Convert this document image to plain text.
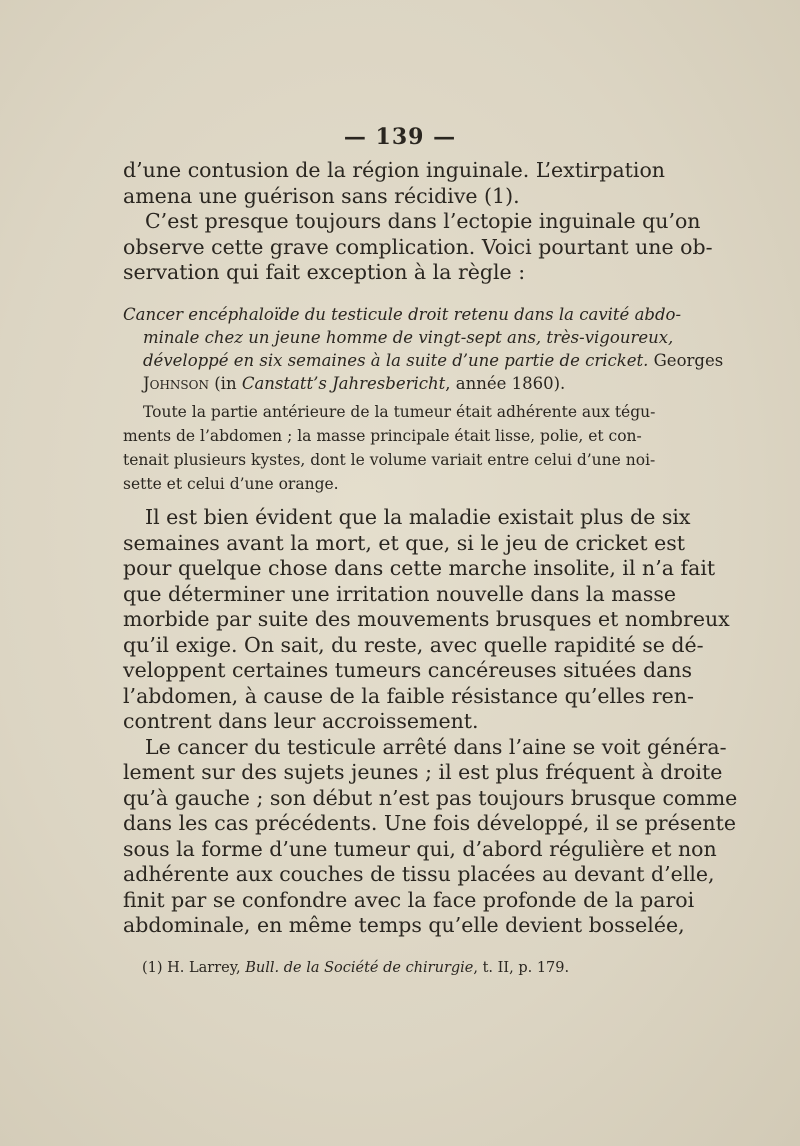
— 139 —
d’une contusion de la région inguinale. L’extirpation
amena une guérison sans récidive (1).
C’est presque toujours dans l’ectopie inguinale qu’on
observe cette grave complication. Voici pourtant une ob-
servation qui fait exception à la règle :
Cancer encéphaloïde du testicule droit retenu dans la cavité abdo-
minale chez un jeune homme de vingt-sept ans, très-vigoureux,
développé en six semaines à la suite d’une partie de cricket. Georges
Johnson (in Canstatt’s Jahresbericht, année 1860).
Toute la partie antérieure de la tumeur était adhérente aux tégu-
ments de l’abdomen ; la masse principale était lisse, polie, et con-
tenait plusieurs kystes, dont le volume variait entre celui d’une noi-
sette et celui d’une orange.
Il est bien évident que la maladie existait plus de six
semaines avant la mort, et que, si le jeu de cricket est
pour quelque chose dans cette marche insolite, il n’a fait
que déterminer une irritation nouvelle dans la masse
morbide par suite des mouvements brusques et nombreux
qu’il exige. On sait, du reste, avec quelle rapidité se dé-
veloppent certaines tumeurs cancéreuses situées dans
l’abdomen, à cause de la faible résistance qu’elles ren-
contrent dans leur accroissement.
Le cancer du testicule arrêté dans l’aine se voit généra-
lement sur des sujets jeunes ; il est plus fréquent à droite
qu’à gauche ; son début n’est pas toujours brusque comme
dans les cas précédents. Une fois développé, il se présente
sous la forme d’une tumeur qui, d’abord régulière et non
adhérente aux couches de tissu placées au devant d’elle,
finit par se confondre avec la face profonde de la paroi
abdominale, en même temps qu’elle devient bosselée,
(1) H. Larrey, Bull. de la Société de chirurgie, t. II, p. 179.
